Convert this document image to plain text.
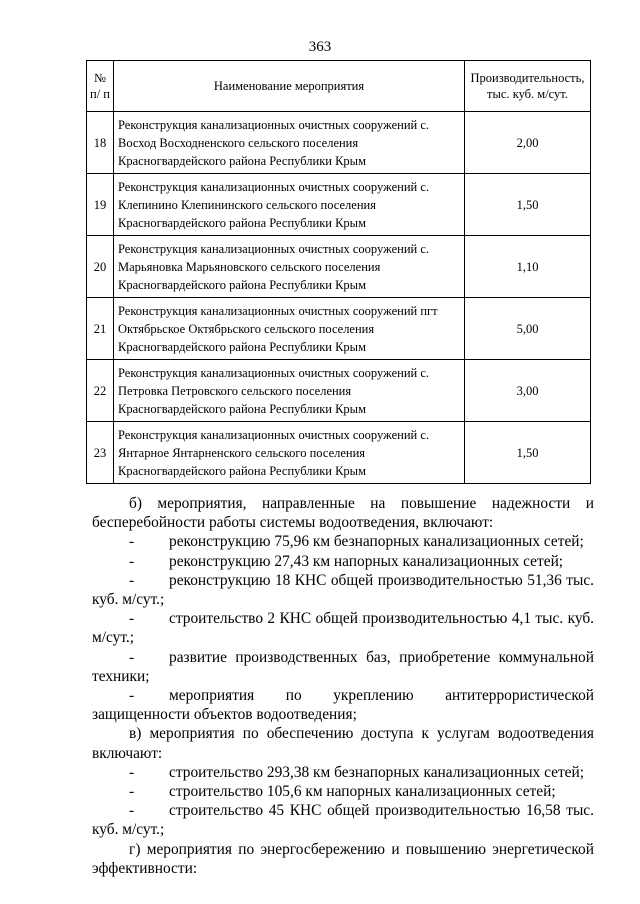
363
№ п/ п	Наименование мероприятия	Производительность, тыс. куб. м/сут.
18	Реконструкция канализационных очистных сооружений с. Восход Восходненского сельского поселения Красногвардейского района Республики Крым	2,00
19	Реконструкция канализационных очистных сооружений с. Клепинино Клепининского сельского поселения Красногвардейского района Республики Крым	1,50
20	Реконструкция канализационных очистных сооружений с. Марьяновка Марьяновского сельского поселения Красногвардейского района Республики Крым	1,10
21	Реконструкция канализационных очистных сооружений пгт Октябрьское Октябрьского сельского поселения Красногвардейского района Республики Крым	5,00
22	Реконструкция канализационных очистных сооружений с. Петровка Петровского сельского поселения Красногвардейского района Республики Крым	3,00
23	Реконструкция канализационных очистных сооружений с. Янтарное Янтарненского сельского поселения Красногвардейского района Республики Крым	1,50

б) мероприятия, направленные на повышение надежности и бесперебойности работы системы водоотведения, включают:

- реконструкцию 75,96 км безнапорных канализационных сетей;

- реконструкцию 27,43 км напорных канализационных сетей;

- реконструкцию 18 КНС общей производительностью 51,36 тыс. куб. м/сут.;

- строительство 2 КНС общей производительностью 4,1 тыс. куб. м/сут.;

- развитие производственных баз, приобретение коммунальной техники;

- мероприятия по укреплению антитеррористической защищенности объектов водоотведения;

в) мероприятия по обеспечению доступа к услугам водоотведения включают:

- строительство 293,38 км безнапорных канализационных сетей;

- строительство 105,6 км напорных канализационных сетей;

- строительство 45 КНС общей производительностью 16,58 тыс. куб. м/сут.;

г) мероприятия по энергосбережению и повышению энергетической эффективности:
